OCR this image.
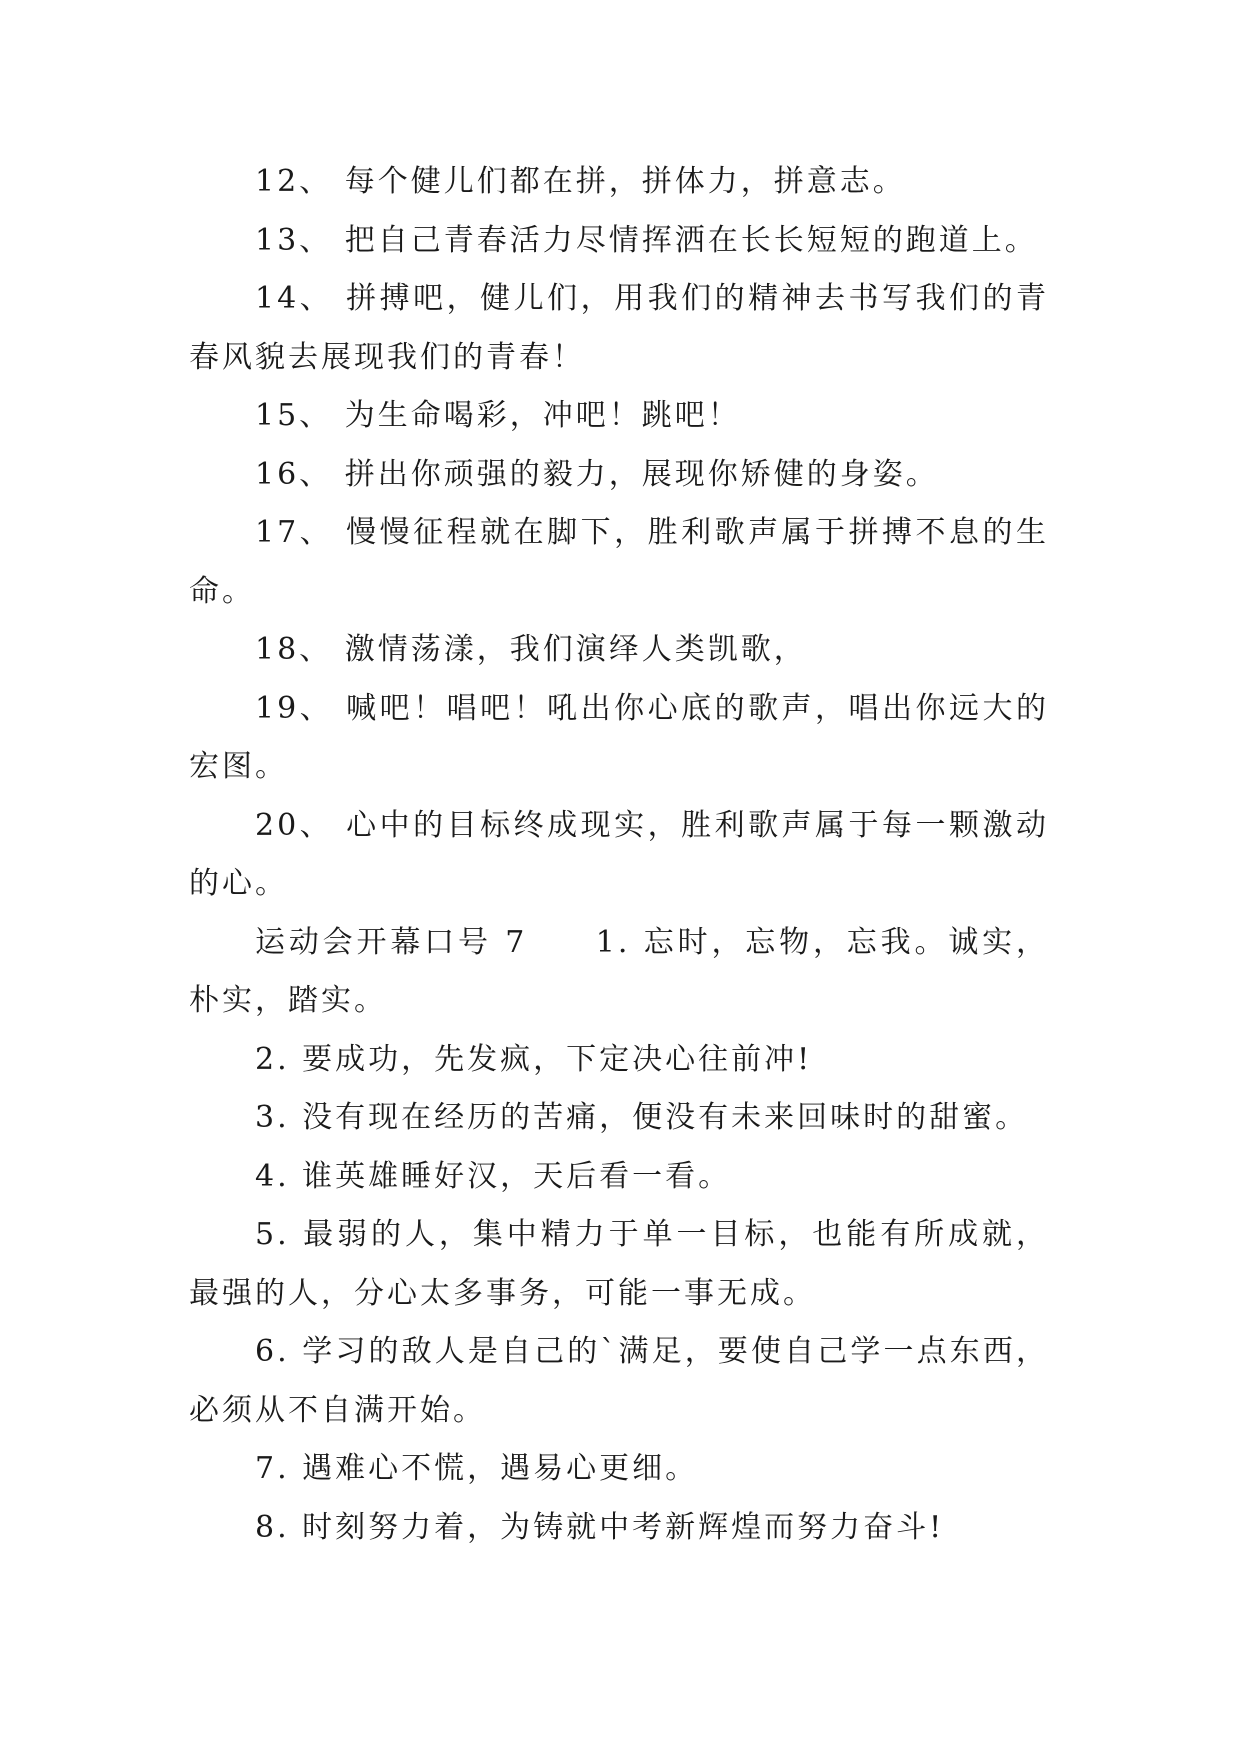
12、 每个健儿们都在拼，拼体力，拼意志。

13、 把自己青春活力尽情挥洒在长长短短的跑道上。

14、 拼搏吧，健儿们，用我们的精神去书写我们的青春风貌去展现我们的青春！

15、 为生命喝彩，冲吧！跳吧！

16、 拼出你顽强的毅力，展现你矫健的身姿。

17、 慢慢征程就在脚下，胜利歌声属于拼搏不息的生命。

18、 激情荡漾，我们演绎人类凯歌，

19、 喊吧！唱吧！吼出你心底的歌声，唱出你远大的宏图。

20、 心中的目标终成现实，胜利歌声属于每一颗激动的心。

运动会开幕口号 7　　1. 忘时，忘物，忘我。诚实，朴实，踏实。

2. 要成功，先发疯，下定决心往前冲!

3. 没有现在经历的苦痛，便没有未来回味时的甜蜜。

4. 谁英雄睡好汉，天后看一看。

5. 最弱的人，集中精力于单一目标，也能有所成就，最强的人，分心太多事务，可能一事无成。

6. 学习的敌人是自己的`满足，要使自己学一点东西，必须从不自满开始。

7. 遇难心不慌，遇易心更细。

8. 时刻努力着，为铸就中考新辉煌而努力奋斗!
